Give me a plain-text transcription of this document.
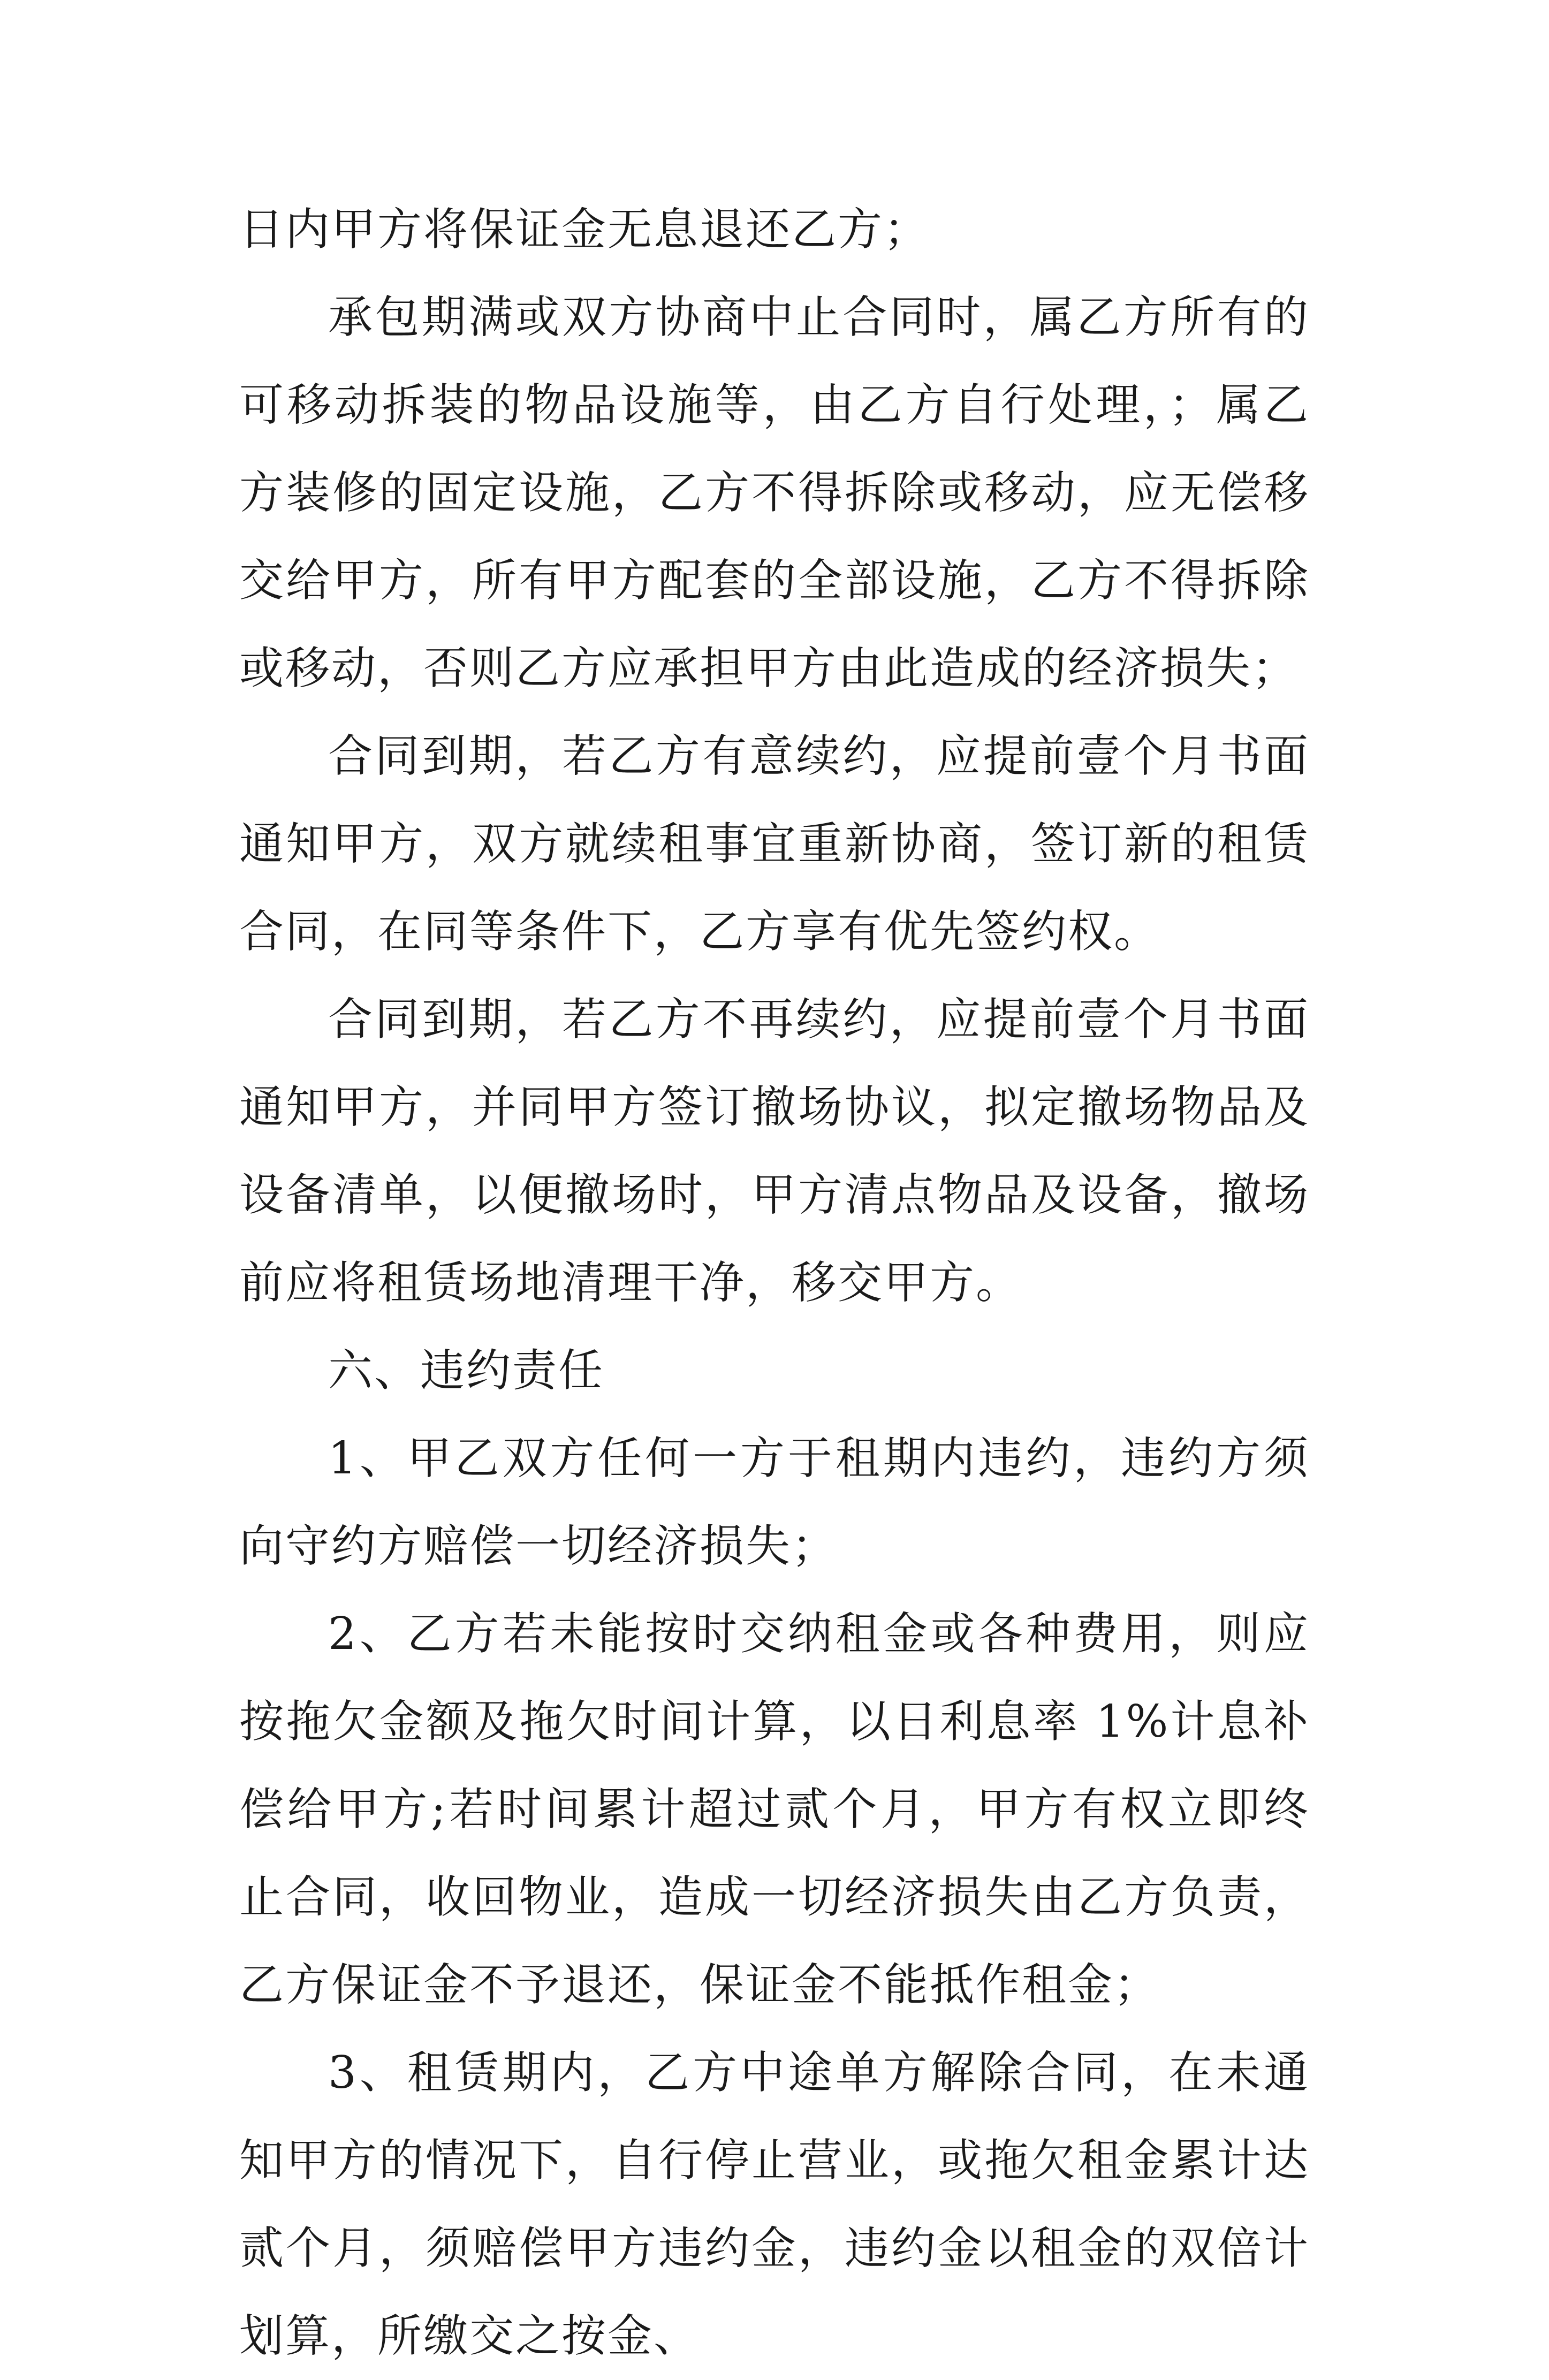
日内甲方将保证金无息退还乙方；

承包期满或双方协商中止合同时，属乙方所有的可移动拆装的物品设施等，由乙方自行处理，；属乙方装修的固定设施，乙方不得拆除或移动，应无偿移交给甲方，所有甲方配套的全部设施，乙方不得拆除或移动，否则乙方应承担甲方由此造成的经济损失；

合同到期，若乙方有意续约，应提前壹个月书面通知甲方，双方就续租事宜重新协商，签订新的租赁合同，在同等条件下，乙方享有优先签约权。

合同到期，若乙方不再续约，应提前壹个月书面通知甲方，并同甲方签订撤场协议，拟定撤场物品及设备清单，以便撤场时，甲方清点物品及设备，撤场前应将租赁场地清理干净，移交甲方。

六、违约责任

1、甲乙双方任何一方于租期内违约，违约方须向守约方赔偿一切经济损失；

2、乙方若未能按时交纳租金或各种费用，则应按拖欠金额及拖欠时间计算，以日利息率 1%计息补偿给甲方;若时间累计超过贰个月，甲方有权立即终止合同，收回物业，造成一切经济损失由乙方负责，乙方保证金不予退还，保证金不能抵作租金；

3、租赁期内，乙方中途单方解除合同，在未通知甲方的情况下，自行停止营业，或拖欠租金累计达贰个月，须赔偿甲方违约金，违约金以租金的双倍计划算，所缴交之按金、
